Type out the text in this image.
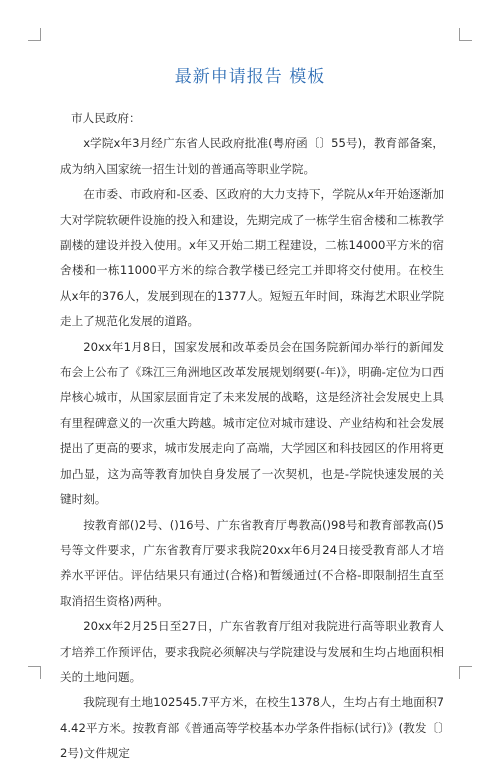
最新申请报告 模板

市人民政府：

x学院x年3月经广东省人民政府批准(粤府函〔〕55号)，教育部备案，成为纳入国家统一招生计划的普通高等职业学院。

在市委、市政府和-区委、区政府的大力支持下，学院从x年开始逐渐加大对学院软硬件设施的投入和建设，先期完成了一栋学生宿舍楼和二栋教学副楼的建设并投入使用。x年又开始二期工程建设，二栋14000平方米的宿舍楼和一栋11000平方米的综合教学楼已经完工并即将交付使用。在校生从x年的376人，发展到现在的1377人。短短五年时间，珠海艺术职业学院走上了规范化发展的道路。

20xx年1月8日，国家发展和改革委员会在国务院新闻办举行的新闻发布会上公布了《珠江三角洲地区改革发展规划纲要(-年)》，明确-定位为口西岸核心城市，从国家层面肯定了未来发展的战略，这是经济社会发展史上具有里程碑意义的一次重大跨越。城市定位对城市建设、产业结构和社会发展提出了更高的要求，城市发展走向了高端，大学园区和科技园区的作用将更加凸显，这为高等教育加快自身发展了一次契机，也是-学院快速发展的关键时刻。

按教育部()2号、()16号、广东省教育厅粤教高()98号和教育部教高()5号等文件要求，广东省教育厅要求我院20xx年6月24日接受教育部人才培养水平评估。评估结果只有通过(合格)和暂缓通过(不合格-即限制招生直至取消招生资格)两种。

20xx年2月25日至27日，广东省教育厅组对我院进行高等职业教育人才培养工作预评估，要求我院必须解决与学院建设与发展和生均占地面积相关的土地问题。

我院现有土地102545.7平方米，在校生1378人，生均占有土地面积74.42平方米。按教育部《普通高等学校基本办学条件指标(试行)》(教发〔〕2号)文件规定
